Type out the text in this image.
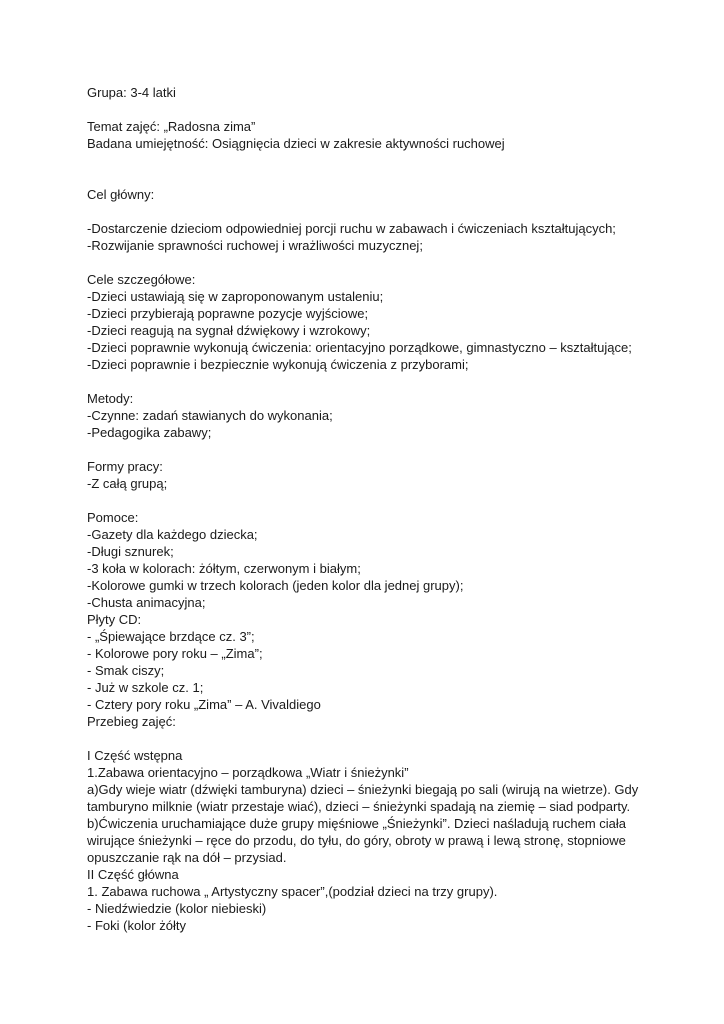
Grupa: 3-4 latki
Temat zajęć: „Radosna zima”
Badana umiejętność: Osiągnięcia dzieci w zakresie aktywności ruchowej
Cel główny:
-Dostarczenie dzieciom odpowiedniej porcji ruchu w zabawach i ćwiczeniach kształtujących;
-Rozwijanie sprawności ruchowej i wrażliwości muzycznej;
Cele szczegółowe:
-Dzieci ustawiają się w zaproponowanym ustaleniu;
-Dzieci przybierają poprawne pozycje wyjściowe;
-Dzieci reagują na sygnał dźwiękowy i wzrokowy;
-Dzieci poprawnie wykonują ćwiczenia: orientacyjno porządkowe, gimnastyczno – kształtujące;
-Dzieci poprawnie i bezpiecznie wykonują ćwiczenia z przyborami;
Metody:
-Czynne: zadań stawianych do wykonania;
-Pedagogika zabawy;
Formy pracy:
-Z całą grupą;
Pomoce:
-Gazety dla każdego dziecka;
-Długi sznurek;
-3 koła w kolorach: żółtym, czerwonym i białym;
-Kolorowe gumki w trzech kolorach (jeden kolor dla jednej grupy);
-Chusta animacyjna;
Płyty CD:
- „Śpiewające brzdące cz. 3”;
- Kolorowe pory roku – „Zima”;
- Smak ciszy;
- Już w szkole cz. 1;
- Cztery pory roku „Zima” – A. Vivaldiego
Przebieg zajęć:
I Część wstępna
1.Zabawa orientacyjno – porządkowa „Wiatr i śnieżynki”
a)Gdy wieje wiatr (dźwięki tamburyna) dzieci – śnieżynki biegają po sali (wirują na wietrze). Gdy
tamburyno milknie (wiatr przestaje wiać), dzieci – śnieżynki spadają na ziemię – siad podparty.
b)Ćwiczenia uruchamiające duże grupy mięśniowe „Śnieżynki”. Dzieci naśladują ruchem ciała
wirujące śnieżynki – ręce do przodu, do tyłu, do góry, obroty w prawą i lewą stronę, stopniowe
opuszczanie rąk na dół – przysiad.
II Część główna
1. Zabawa ruchowa „ Artystyczny spacer”,(podział dzieci na trzy grupy).
- Niedźwiedzie (kolor niebieski)
- Foki (kolor żółty
